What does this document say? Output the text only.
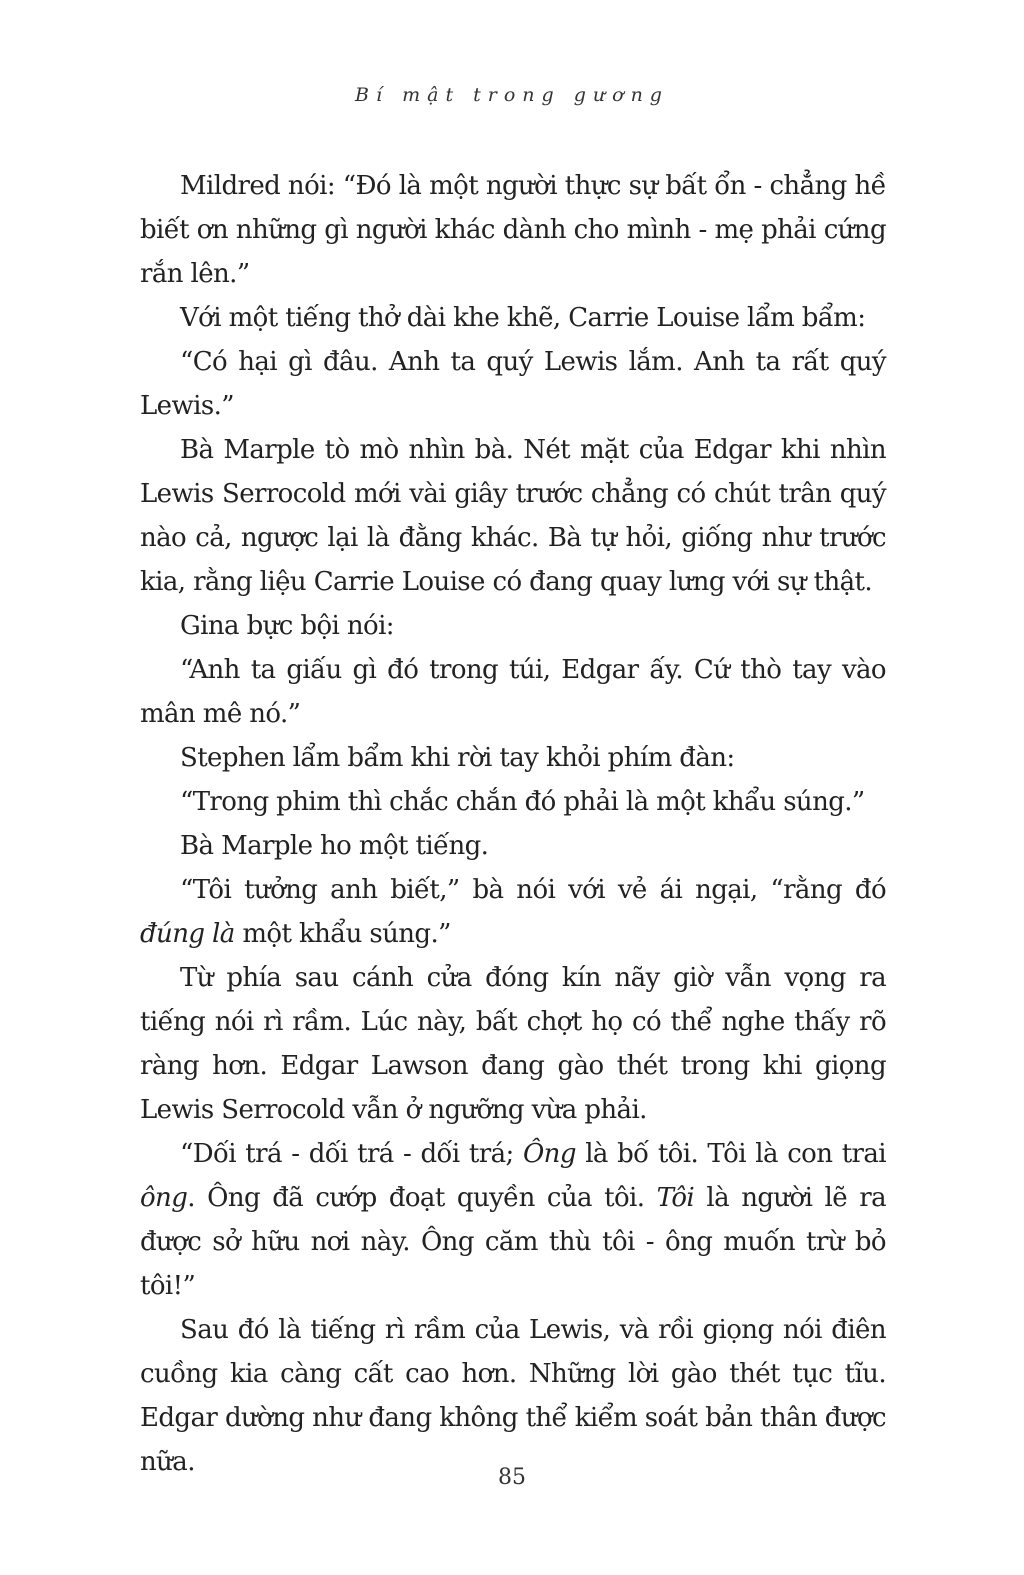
Bí mật trong gương

Mildred nói: “Đó là một người thực sự bất ổn - chẳng hề biết ơn những gì người khác dành cho mình - mẹ phải cứng rắn lên.”

Với một tiếng thở dài khe khẽ, Carrie Louise lẩm bẩm:

“Có hại gì đâu. Anh ta quý Lewis lắm. Anh ta rất quý Lewis.”

Bà Marple tò mò nhìn bà. Nét mặt của Edgar khi nhìn Lewis Serrocold mới vài giây trước chẳng có chút trân quý nào cả, ngược lại là đằng khác. Bà tự hỏi, giống như trước kia, rằng liệu Carrie Louise có đang quay lưng với sự thật.

Gina bực bội nói:

“Anh ta giấu gì đó trong túi, Edgar ấy. Cứ thò tay vào mân mê nó.”

Stephen lẩm bẩm khi rời tay khỏi phím đàn:

“Trong phim thì chắc chắn đó phải là một khẩu súng.”

Bà Marple ho một tiếng.

“Tôi tưởng anh biết,” bà nói với vẻ ái ngại, “rằng đó đúng là một khẩu súng.”

Từ phía sau cánh cửa đóng kín nãy giờ vẫn vọng ra tiếng nói rì rầm. Lúc này, bất chợt họ có thể nghe thấy rõ ràng hơn. Edgar Lawson đang gào thét trong khi giọng Lewis Serrocold vẫn ở ngưỡng vừa phải.

“Dối trá - dối trá - dối trá; Ông là bố tôi. Tôi là con trai ông. Ông đã cướp đoạt quyền của tôi. Tôi là người lẽ ra được sở hữu nơi này. Ông căm thù tôi - ông muốn trừ bỏ tôi!”

Sau đó là tiếng rì rầm của Lewis, và rồi giọng nói điên cuồng kia càng cất cao hơn. Những lời gào thét tục tĩu. Edgar dường như đang không thể kiểm soát bản thân được nữa.

85
